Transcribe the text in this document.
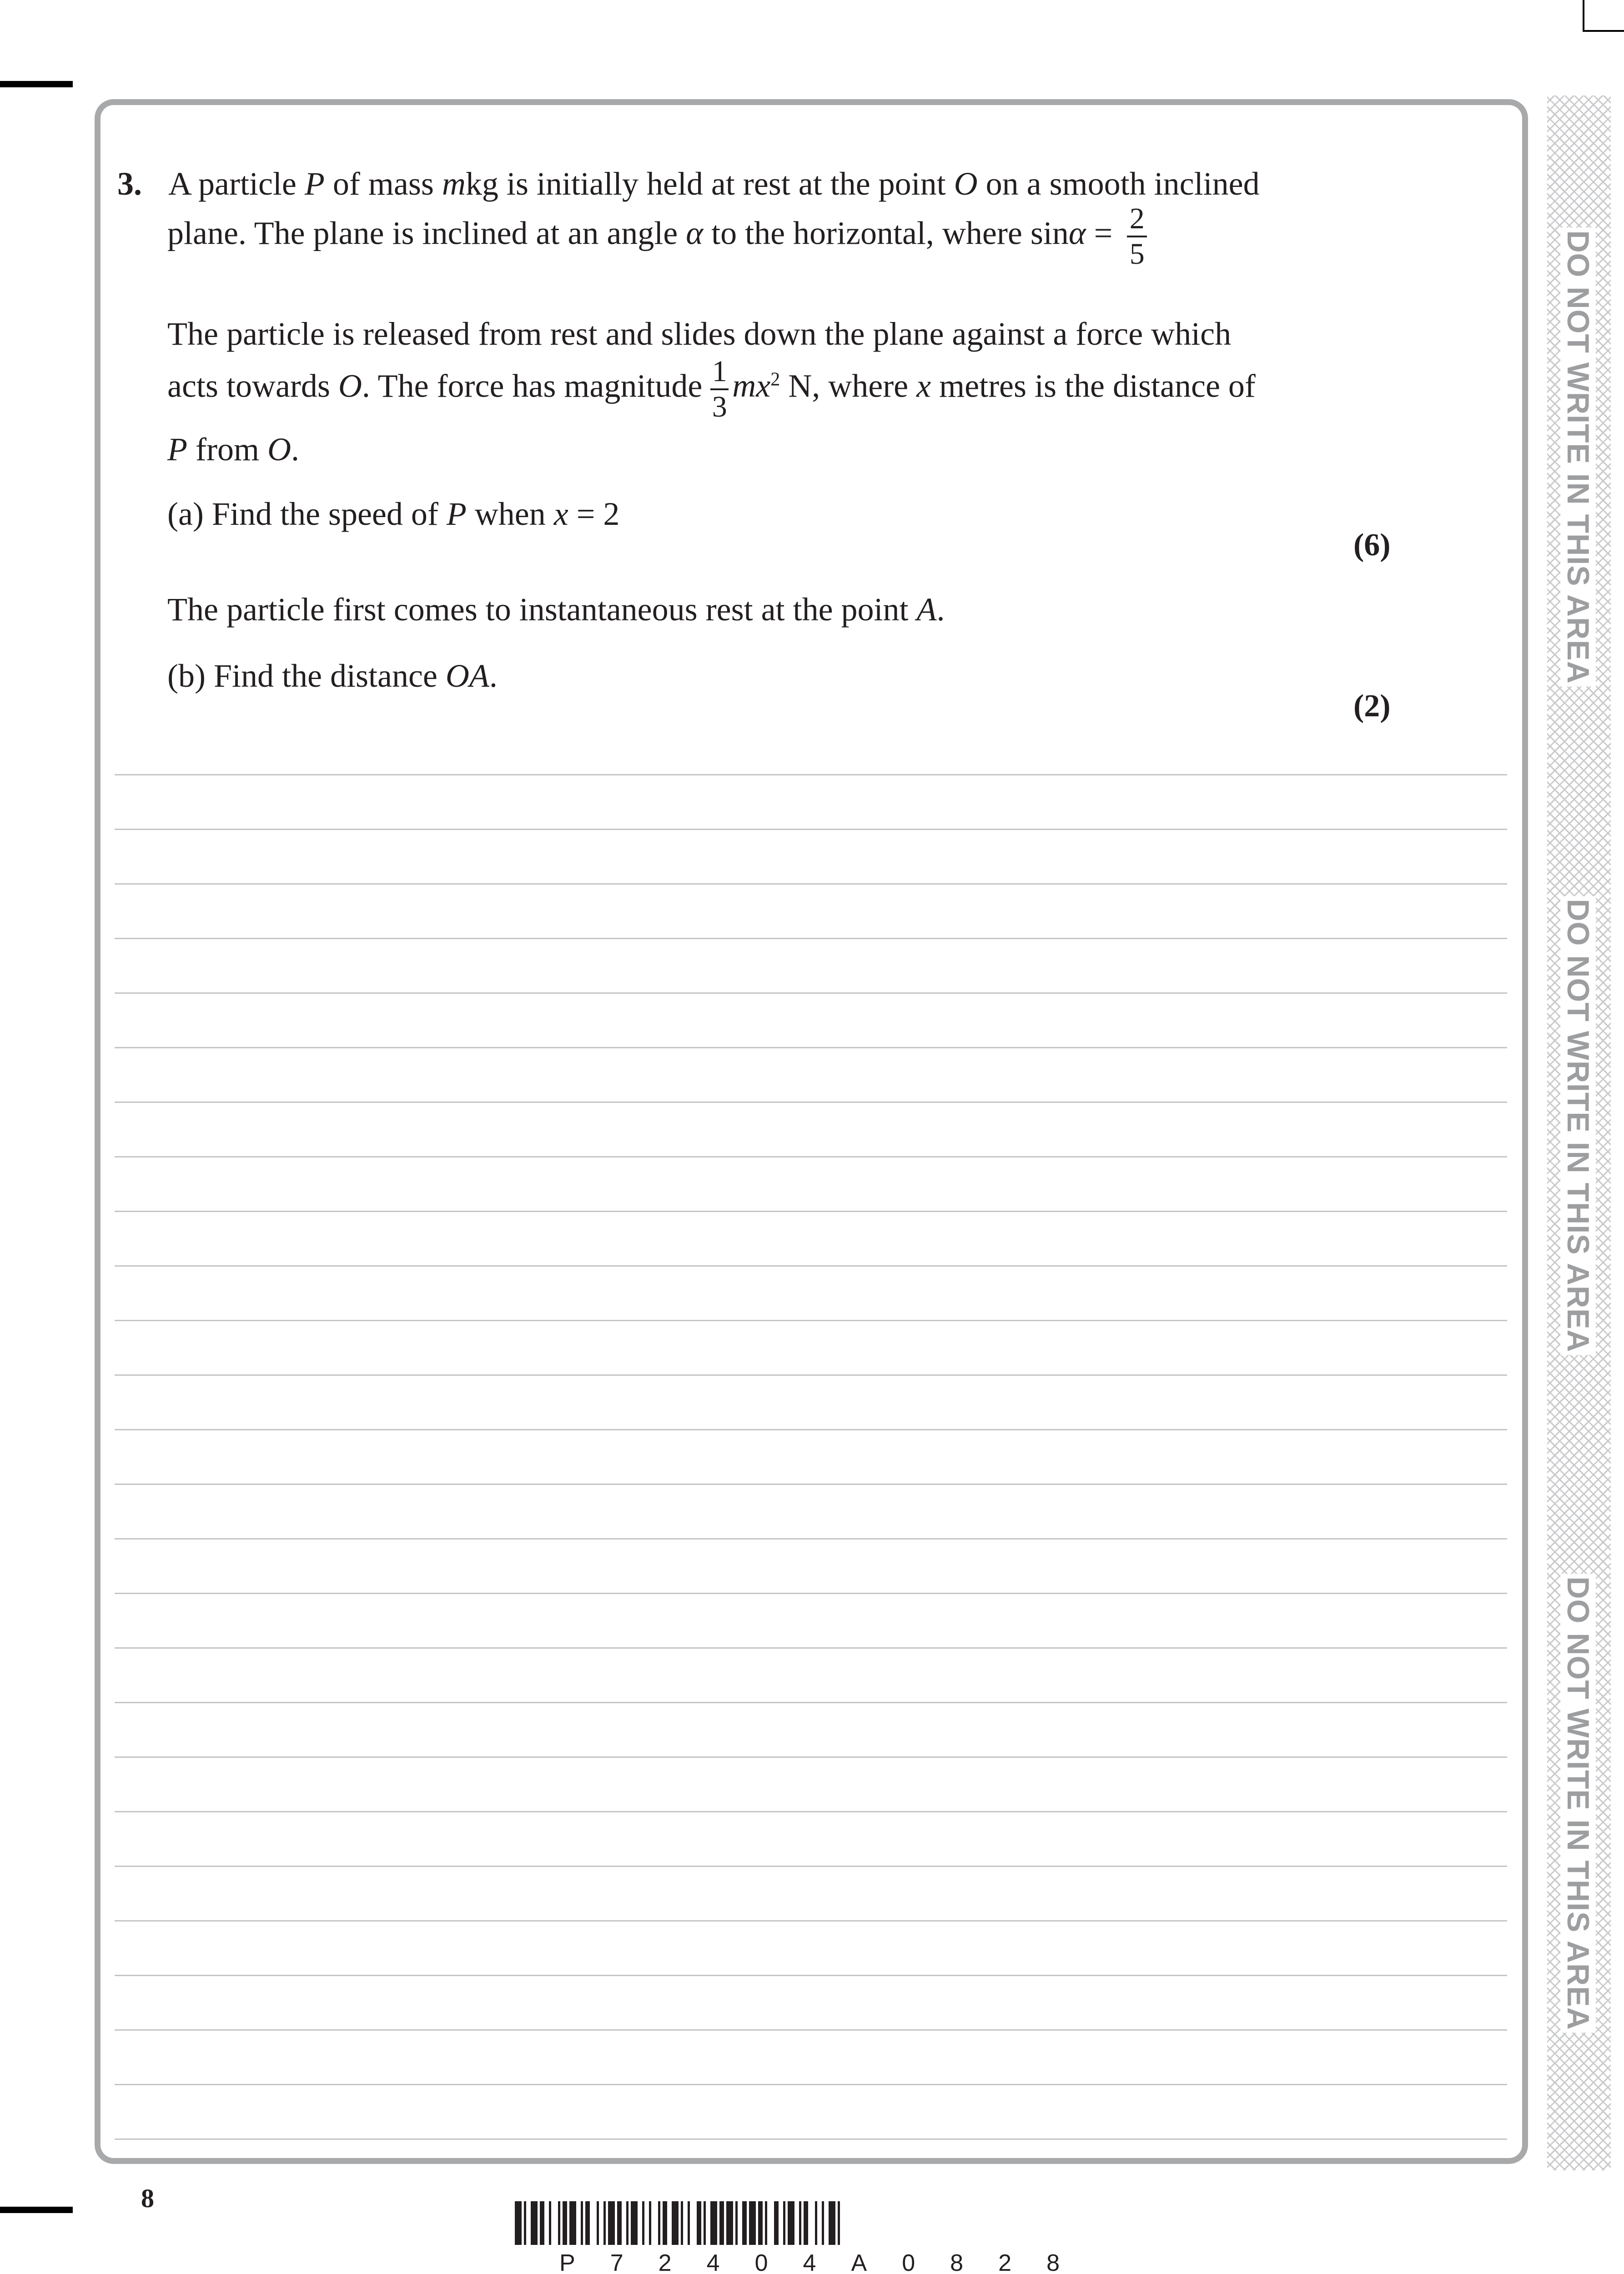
DO NOT WRITE IN THIS AREA
DO NOT WRITE IN THIS AREA
DO NOT WRITE IN THIS AREA
3. A particle P of mass mkg is initially held at rest at the point O on a smooth inclined
plane. The plane is inclined at an angle α to the horizontal, where $\sin\alpha = \frac{2}{5}$
The particle is released from rest and slides down the plane against a force which
acts towards O. The force has magnitude $\frac{1}{3} mx^2$ N, where x metres is the distance of
P from O.
(a) Find the speed of P when x = 2
(6)
The particle first comes to instantaneous rest at the point A.
(b) Find the distance OA.
(2)
8
P 7 2 4 0 4 A 0 8 2 8
